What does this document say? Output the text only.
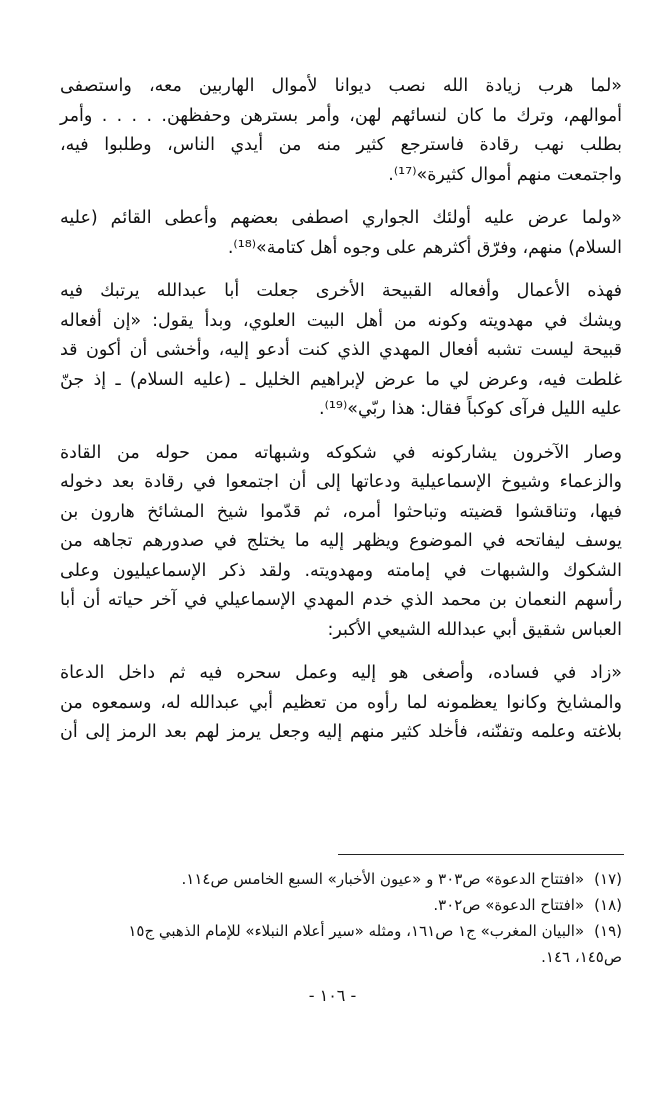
«لما هرب زيادة الله نصب ديوانا لأموال الهاربين معه، واستصفى
أموالهم، وترك ما كان لنسائهم لهن، وأمر بسترهن وحفظهن. . . . . وأمر
بطلب نهب رقادة فاسترجع كثير منه من أيدي الناس، وطلبوا فيه،
واجتمعت منهم أموال كثيرة»⁽¹⁷⁾.

«ولما عرض عليه أولئك الجواري اصطفى بعضهم وأعطى القائم (عليه
السلام) منهم، وفرّق أكثرهم على وجوه أهل كتامة»⁽¹⁸⁾.

فهذه الأعمال وأفعاله القبيحة الأخرى جعلت أبا عبدالله يرتبك فيه
ويشك في مهدويته وكونه من أهل البيت العلوي، وبدأ يقول: «إن أفعاله
قبيحة ليست تشبه أفعال المهدي الذي كنت أدعو إليه، وأخشى أن أكون قد
غلطت فيه، وعرض لي ما عرض لإبراهيم الخليل ـ (عليه السلام) ـ إذ جنّ
عليه الليل فرآى كوكباً فقال: هذا ربّي»⁽¹⁹⁾.

وصار الآخرون يشاركونه في شكوكه وشبهاته ممن حوله من القادة
والزعماء وشيوخ الإسماعيلية ودعاتها إلى أن اجتمعوا في رقادة بعد دخوله
فيها، وتناقشوا قضيته وتباحثوا أمره، ثم قدّموا شيخ المشائخ هارون بن
يوسف ليفاتحه في الموضوع ويظهر إليه ما يختلج في صدورهم تجاهه من
الشكوك والشبهات في إمامته ومهدويته. ولقد ذكر الإسماعيليون وعلى
رأسهم النعمان بن محمد الذي خدم المهدي الإسماعيلي في آخر حياته أن أبا
العباس شقيق أبي عبدالله الشيعي الأكبر:

«زاد في فساده، وأصغى هو إليه وعمل سحره فيه ثم داخل الدعاة
والمشايخ وكانوا يعظمونه لما رأوه من تعظيم أبي عبدالله له، وسمعوه من
بلاغته وعلمه وتفنّنه، فأخلد كثير منهم إليه وجعل يرمز لهم بعد الرمز إلى أن

(١٧)«افتتاح الدعوة» ص٣٠٣ و «عيون الأخبار» السبع الخامس ص١١٤.
(١٨)«افتتاح الدعوة» ص٣٠٢.
(١٩)«البيان المغرب» ج١ ص١٦١، ومثله «سير أعلام النبلاء» للإمام الذهبي ج١٥
ص١٤٥، ١٤٦.
- ١٠٦ -
